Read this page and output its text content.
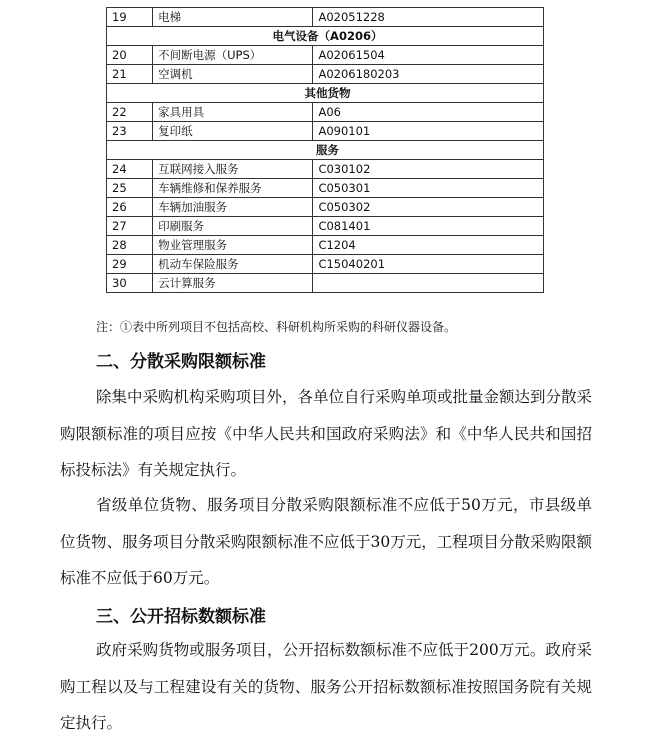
19	电梯	A02051228
电气设备（A0206）		
20	不间断电源（UPS）	A02061504
21	空调机	A0206180203
其他货物		
22	家具用具	A06
23	复印纸	A090101
服务		
24	互联网接入服务	C030102
25	车辆维修和保养服务	C050301
26	车辆加油服务	C050302
27	印刷服务	C081401
28	物业管理服务	C1204
29	机动车保险服务	C15040201
30	云计算服务	
注：①表中所列项目不包括高校、科研机构所采购的科研仪器设备。
二、分散采购限额标准

除集中采购机构采购项目外，各单位自行采购单项或批量金额达到分散采购限额标准的项目应按《中华人民共和国政府采购法》和《中华人民共和国招标投标法》有关规定执行。

省级单位货物、服务项目分散采购限额标准不应低于50万元，市县级单位货物、服务项目分散采购限额标准不应低于30万元，工程项目分散采购限额标准不应低于60万元。

三、公开招标数额标准

政府采购货物或服务项目，公开招标数额标准不应低于200万元。政府采购工程以及与工程建设有关的货物、服务公开招标数额标准按照国务院有关规定执行。
